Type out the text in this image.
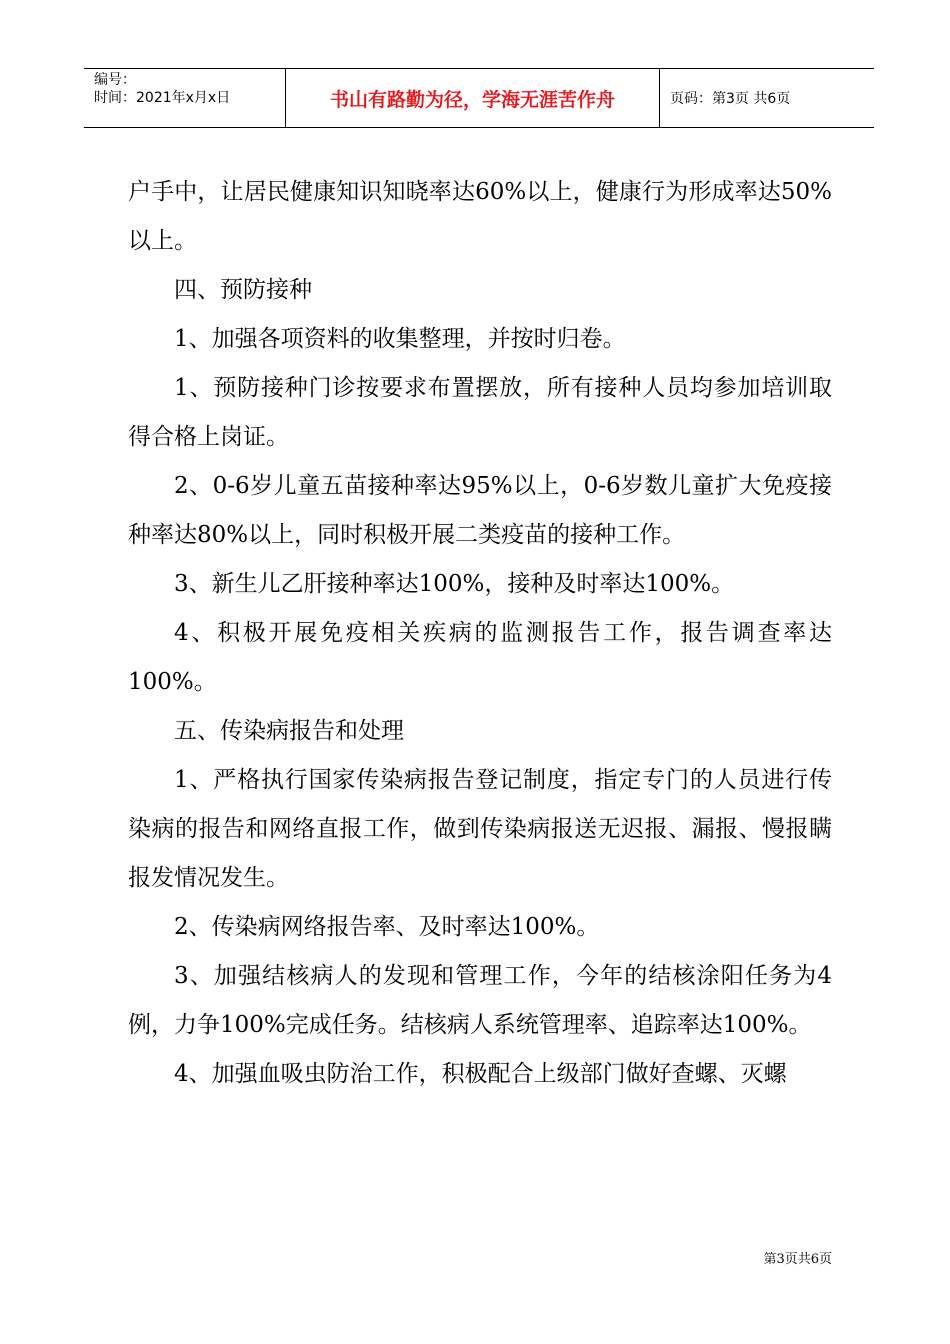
编号：
时间：2021年x月x日	书山有路勤为径，学海无涯苦作舟	页码：第3页 共6页

户手中，让居民健康知识知晓率达60%以上，健康行为形成率达50%以上。

四、预防接种

1、加强各项资料的收集整理，并按时归卷。

1、预防接种门诊按要求布置摆放，所有接种人员均参加培训取得合格上岗证。

2、0-6岁儿童五苗接种率达95%以上，0-6岁数儿童扩大免疫接种率达80%以上，同时积极开展二类疫苗的接种工作。

3、新生儿乙肝接种率达100%，接种及时率达100%。

4、积极开展免疫相关疾病的监测报告工作，报告调查率达100%。

五、传染病报告和处理

1、严格执行国家传染病报告登记制度，指定专门的人员进行传染病的报告和网络直报工作，做到传染病报送无迟报、漏报、慢报瞒报发情况发生。

2、传染病网络报告率、及时率达100%。

3、加强结核病人的发现和管理工作，今年的结核涂阳任务为4例，力争100%完成任务。结核病人系统管理率、追踪率达100%。

4、加强血吸虫防治工作，积极配合上级部门做好查螺、灭螺

第3页共6页
